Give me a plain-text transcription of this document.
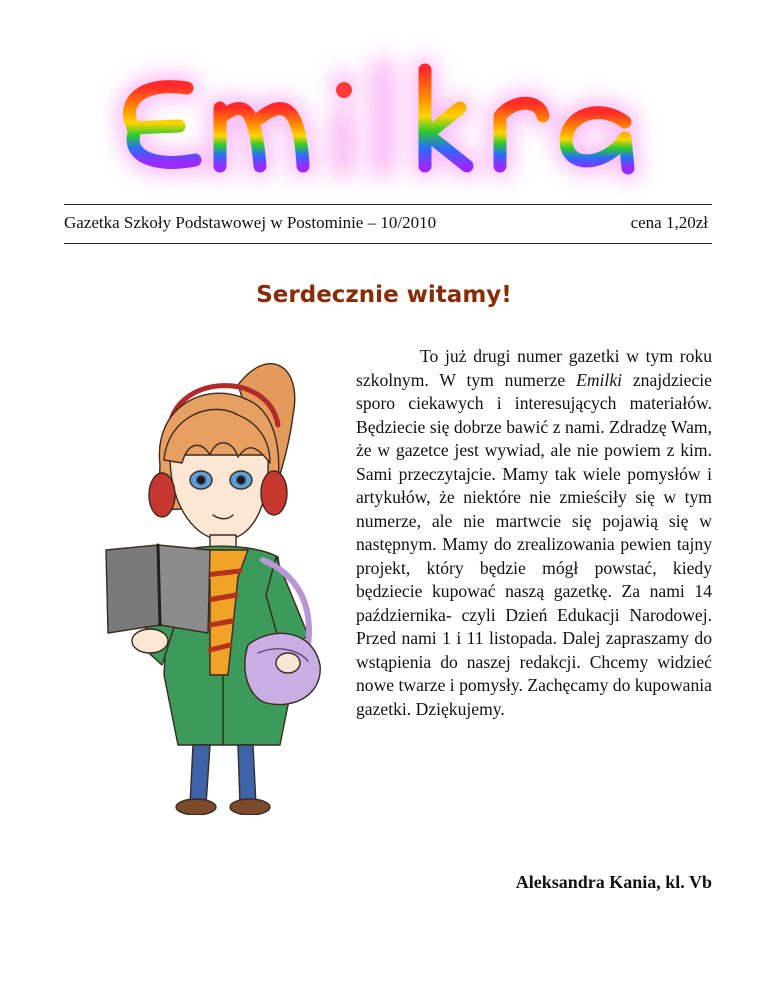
Gazetka Szkoły Podstawowej w Postominie – 10/2010	cena 1,20zł
Serdecznie witamy!

To już drugi numer gazetki w tym roku szkolnym. W tym numerze Emilki znajdziecie sporo ciekawych i interesujących materiałów. Będziecie się dobrze bawić z nami. Zdradzę Wam, że w gazetce jest wywiad, ale nie powiem z kim. Sami przeczytajcie. Mamy tak wiele pomysłów i artykułów, że niektóre nie zmieściły się w tym numerze, ale nie martwcie się pojawią się w następnym. Mamy do zrealizowania pewien tajny projekt, który będzie mógł powstać, kiedy będziecie kupować naszą gazetkę. Za nami 14 października- czyli Dzień Edukacji Narodowej. Przed nami 1 i 11 listopada. Dalej zapraszamy do wstąpienia do naszej redakcji. Chcemy widzieć nowe twarze i pomysły. Zachęcamy do kupowania gazetki. Dziękujemy.

Aleksandra Kania, kl. Vb
